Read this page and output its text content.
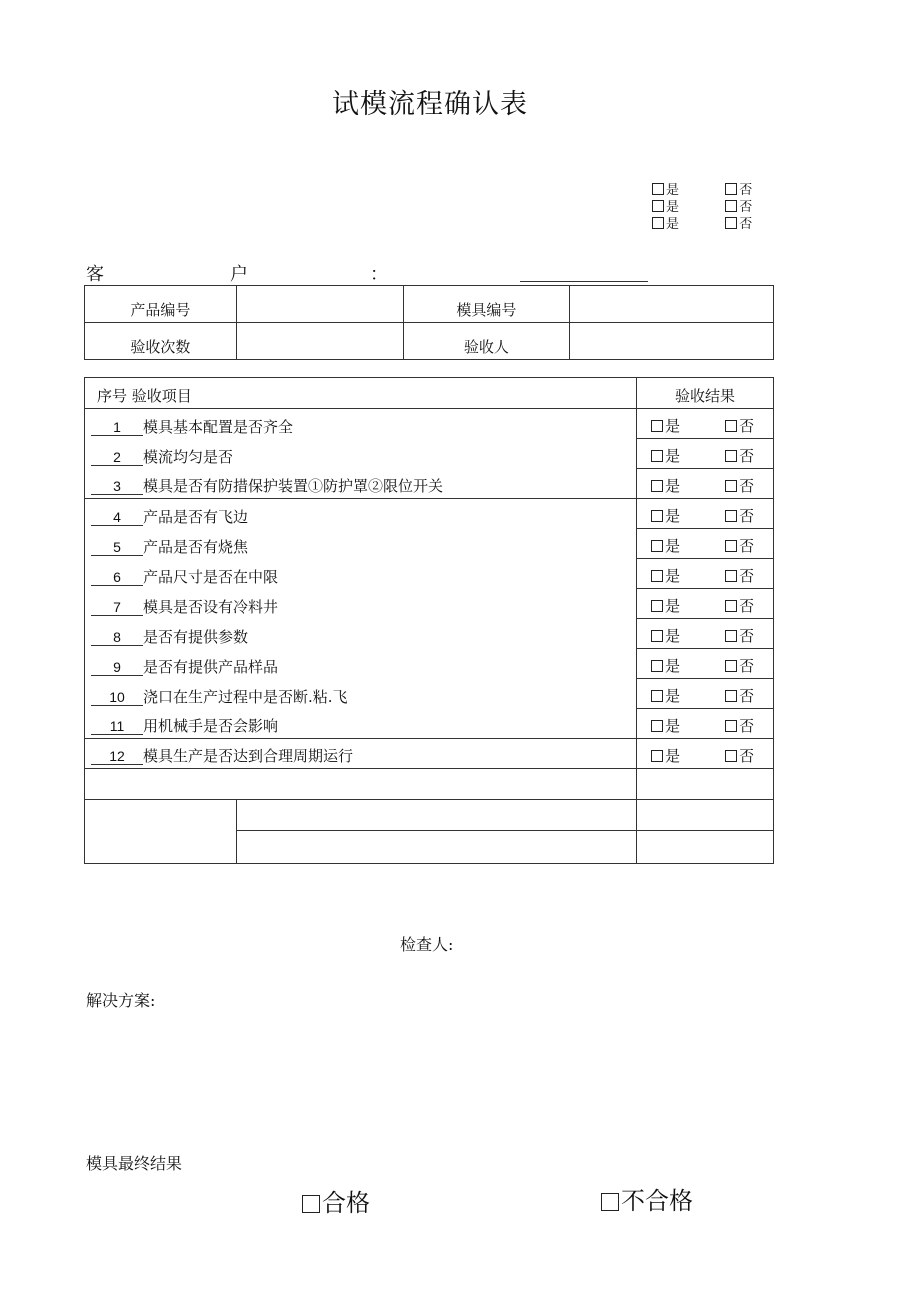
试模流程确认表
是	否
是	否
是	否
客	户	：
产品编号		模具编号	
验收次数		验收人	
序号 验收项目		验收结果
1 模具基本配置是否齐全		是 否
2 模流均匀是否		是 否
3 模具是否有防措保护装置①防护罩②限位开关		是 否
4 产品是否有飞边		是 否
5 产品是否有烧焦		是 否
6 产品尺寸是否在中限		是 否
7 模具是否设有冷料井		是 否
8 是否有提供参数		是 否
9 是否有提供产品样品		是 否
10 浇口在生产过程中是否断.粘.飞		是 否
11 用机械手是否会影响		是 否
12 模具生产是否达到合理周期运行		是 否

检查人:
解决方案:
模具最终结果
合格	不合格
